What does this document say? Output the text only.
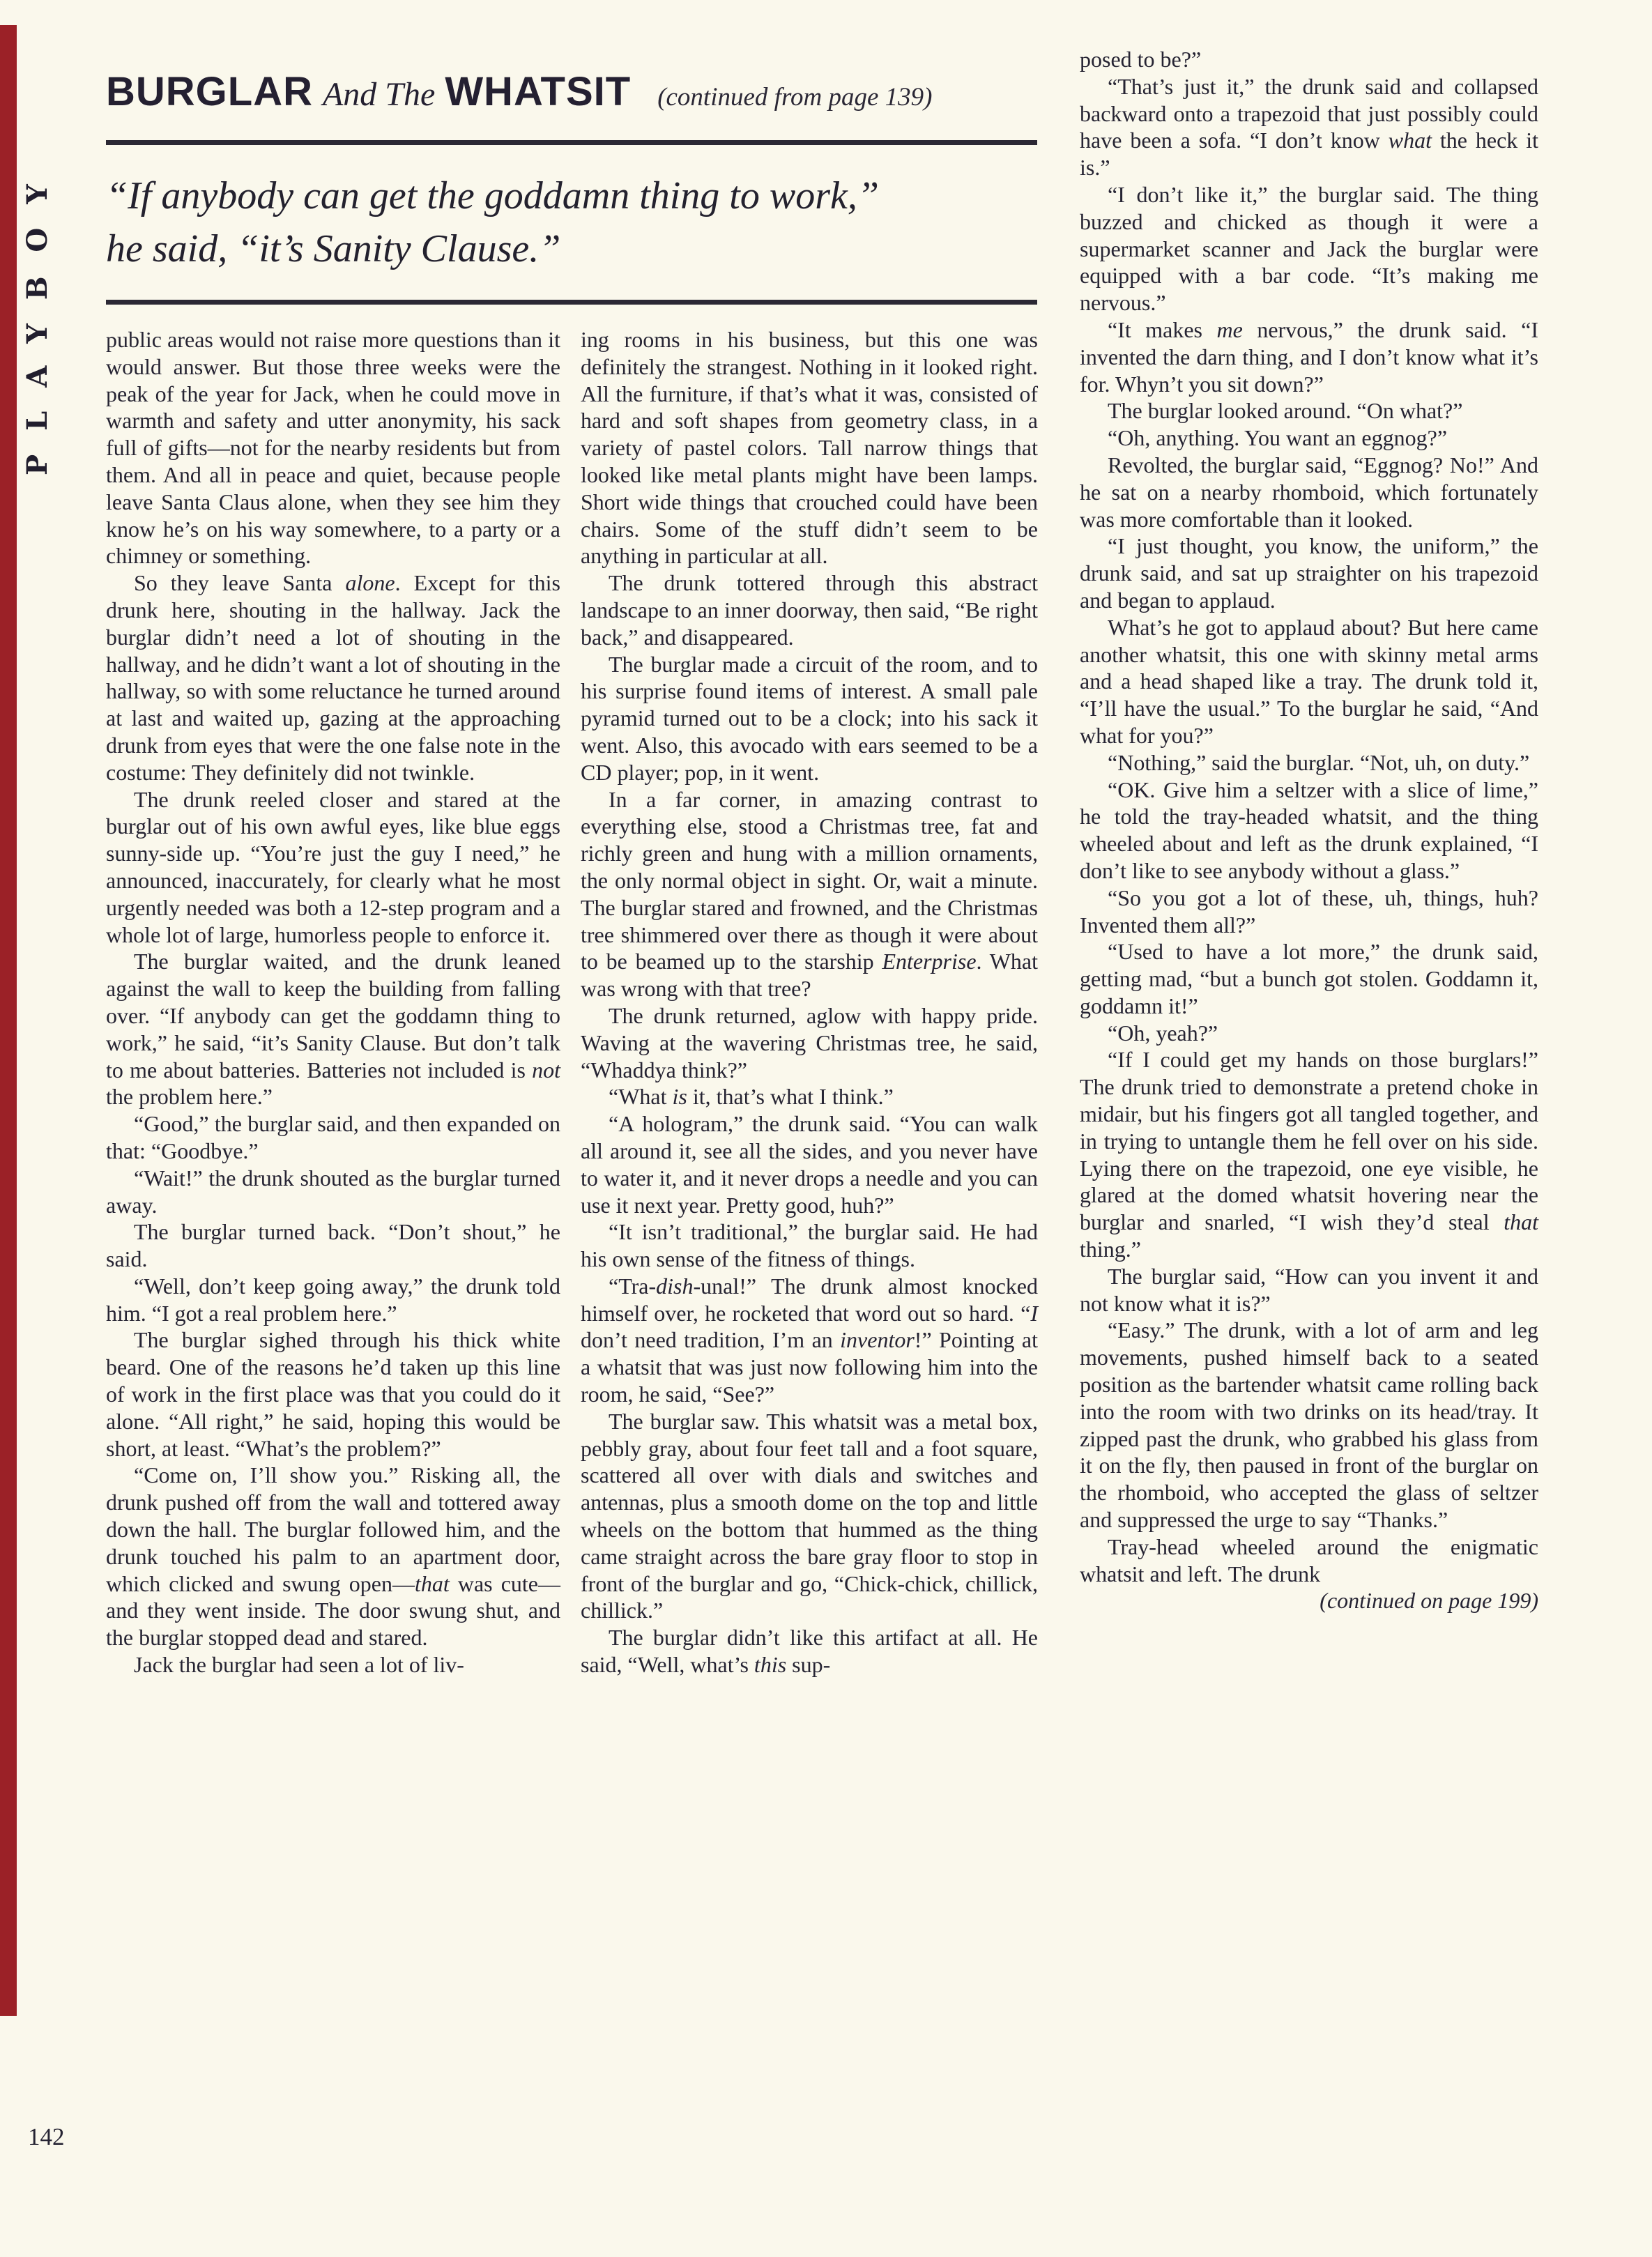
PLAYBOY
BURGLAR And The WHATSIT (continued from page 139)
“If anybody can get the goddamn thing to work,”
he said, “it’s Sanity Clause.”

public areas would not raise more questions than it would answer. But those three weeks were the peak of the year for Jack, when he could move in warmth and safety and utter anonymity, his sack full of gifts—not for the nearby residents but from them. And all in peace and quiet, because people leave Santa Claus alone, when they see him they know he’s on his way somewhere, to a party or a chimney or something.

So they leave Santa alone. Except for this drunk here, shouting in the hallway. Jack the burglar didn’t need a lot of shouting in the hallway, and he didn’t want a lot of shouting in the hallway, so with some reluctance he turned around at last and waited up, gazing at the approaching drunk from eyes that were the one false note in the costume: They definitely did not twinkle.

The drunk reeled closer and stared at the burglar out of his own awful eyes, like blue eggs sunny-side up. “You’re just the guy I need,” he announced, inaccurately, for clearly what he most urgently needed was both a 12-step program and a whole lot of large, humorless people to enforce it.

The burglar waited, and the drunk leaned against the wall to keep the building from falling over. “If anybody can get the goddamn thing to work,” he said, “it’s Sanity Clause. But don’t talk to me about batteries. Batteries not included is not the problem here.”

“Good,” the burglar said, and then expanded on that: “Goodbye.”

“Wait!” the drunk shouted as the burglar turned away.

The burglar turned back. “Don’t shout,” he said.

“Well, don’t keep going away,” the drunk told him. “I got a real problem here.”

The burglar sighed through his thick white beard. One of the reasons he’d taken up this line of work in the first place was that you could do it alone. “All right,” he said, hoping this would be short, at least. “What’s the problem?”

“Come on, I’ll show you.” Risking all, the drunk pushed off from the wall and tottered away down the hall. The burglar followed him, and the drunk touched his palm to an apartment door, which clicked and swung open—that was cute—and they went inside. The door swung shut, and the burglar stopped dead and stared.

Jack the burglar had seen a lot of liv-

ing rooms in his business, but this one was definitely the strangest. Nothing in it looked right. All the furniture, if that’s what it was, consisted of hard and soft shapes from geometry class, in a variety of pastel colors. Tall narrow things that looked like metal plants might have been lamps. Short wide things that crouched could have been chairs. Some of the stuff didn’t seem to be anything in particular at all.

The drunk tottered through this abstract landscape to an inner doorway, then said, “Be right back,” and disappeared.

The burglar made a circuit of the room, and to his surprise found items of interest. A small pale pyramid turned out to be a clock; into his sack it went. Also, this avocado with ears seemed to be a CD player; pop, in it went.

In a far corner, in amazing contrast to everything else, stood a Christmas tree, fat and richly green and hung with a million ornaments, the only normal object in sight. Or, wait a minute. The burglar stared and frowned, and the Christmas tree shimmered over there as though it were about to be beamed up to the starship Enterprise. What was wrong with that tree?

The drunk returned, aglow with happy pride. Waving at the wavering Christmas tree, he said, “Whaddya think?”

“What is it, that’s what I think.”

“A hologram,” the drunk said. “You can walk all around it, see all the sides, and you never have to water it, and it never drops a needle and you can use it next year. Pretty good, huh?”

“It isn’t traditional,” the burglar said. He had his own sense of the fitness of things.

“Tra-dish-unal!” The drunk almost knocked himself over, he rocketed that word out so hard. “I don’t need tradition, I’m an inventor!” Pointing at a whatsit that was just now following him into the room, he said, “See?”

The burglar saw. This whatsit was a metal box, pebbly gray, about four feet tall and a foot square, scattered all over with dials and switches and antennas, plus a smooth dome on the top and little wheels on the bottom that hummed as the thing came straight across the bare gray floor to stop in front of the burglar and go, “Chick-chick, chillick, chillick.”

The burglar didn’t like this artifact at all. He said, “Well, what’s this sup-

posed to be?”

“That’s just it,” the drunk said and collapsed backward onto a trapezoid that just possibly could have been a sofa. “I don’t know what the heck it is.”

“I don’t like it,” the burglar said. The thing buzzed and chicked as though it were a supermarket scanner and Jack the burglar were equipped with a bar code. “It’s making me nervous.”

“It makes me nervous,” the drunk said. “I invented the darn thing, and I don’t know what it’s for. Whyn’t you sit down?”

The burglar looked around. “On what?”

“Oh, anything. You want an eggnog?”

Revolted, the burglar said, “Eggnog? No!” And he sat on a nearby rhomboid, which fortunately was more comfortable than it looked.

“I just thought, you know, the uniform,” the drunk said, and sat up straighter on his trapezoid and began to applaud.

What’s he got to applaud about? But here came another whatsit, this one with skinny metal arms and a head shaped like a tray. The drunk told it, “I’ll have the usual.” To the burglar he said, “And what for you?”

“Nothing,” said the burglar. “Not, uh, on duty.”

“OK. Give him a seltzer with a slice of lime,” he told the tray-headed whatsit, and the thing wheeled about and left as the drunk explained, “I don’t like to see anybody without a glass.”

“So you got a lot of these, uh, things, huh? Invented them all?”

“Used to have a lot more,” the drunk said, getting mad, “but a bunch got stolen. Goddamn it, goddamn it!”

“Oh, yeah?”

“If I could get my hands on those burglars!” The drunk tried to demonstrate a pretend choke in midair, but his fingers got all tangled together, and in trying to untangle them he fell over on his side. Lying there on the trapezoid, one eye visible, he glared at the domed whatsit hovering near the burglar and snarled, “I wish they’d steal that thing.”

The burglar said, “How can you invent it and not know what it is?”

“Easy.” The drunk, with a lot of arm and leg movements, pushed himself back to a seated position as the bartender whatsit came rolling back into the room with two drinks on its head/tray. It zipped past the drunk, who grabbed his glass from it on the fly, then paused in front of the burglar on the rhomboid, who accepted the glass of seltzer and suppressed the urge to say “Thanks.”

Tray-head wheeled around the enigmatic whatsit and left. The drunk

(continued on page 199)

142
